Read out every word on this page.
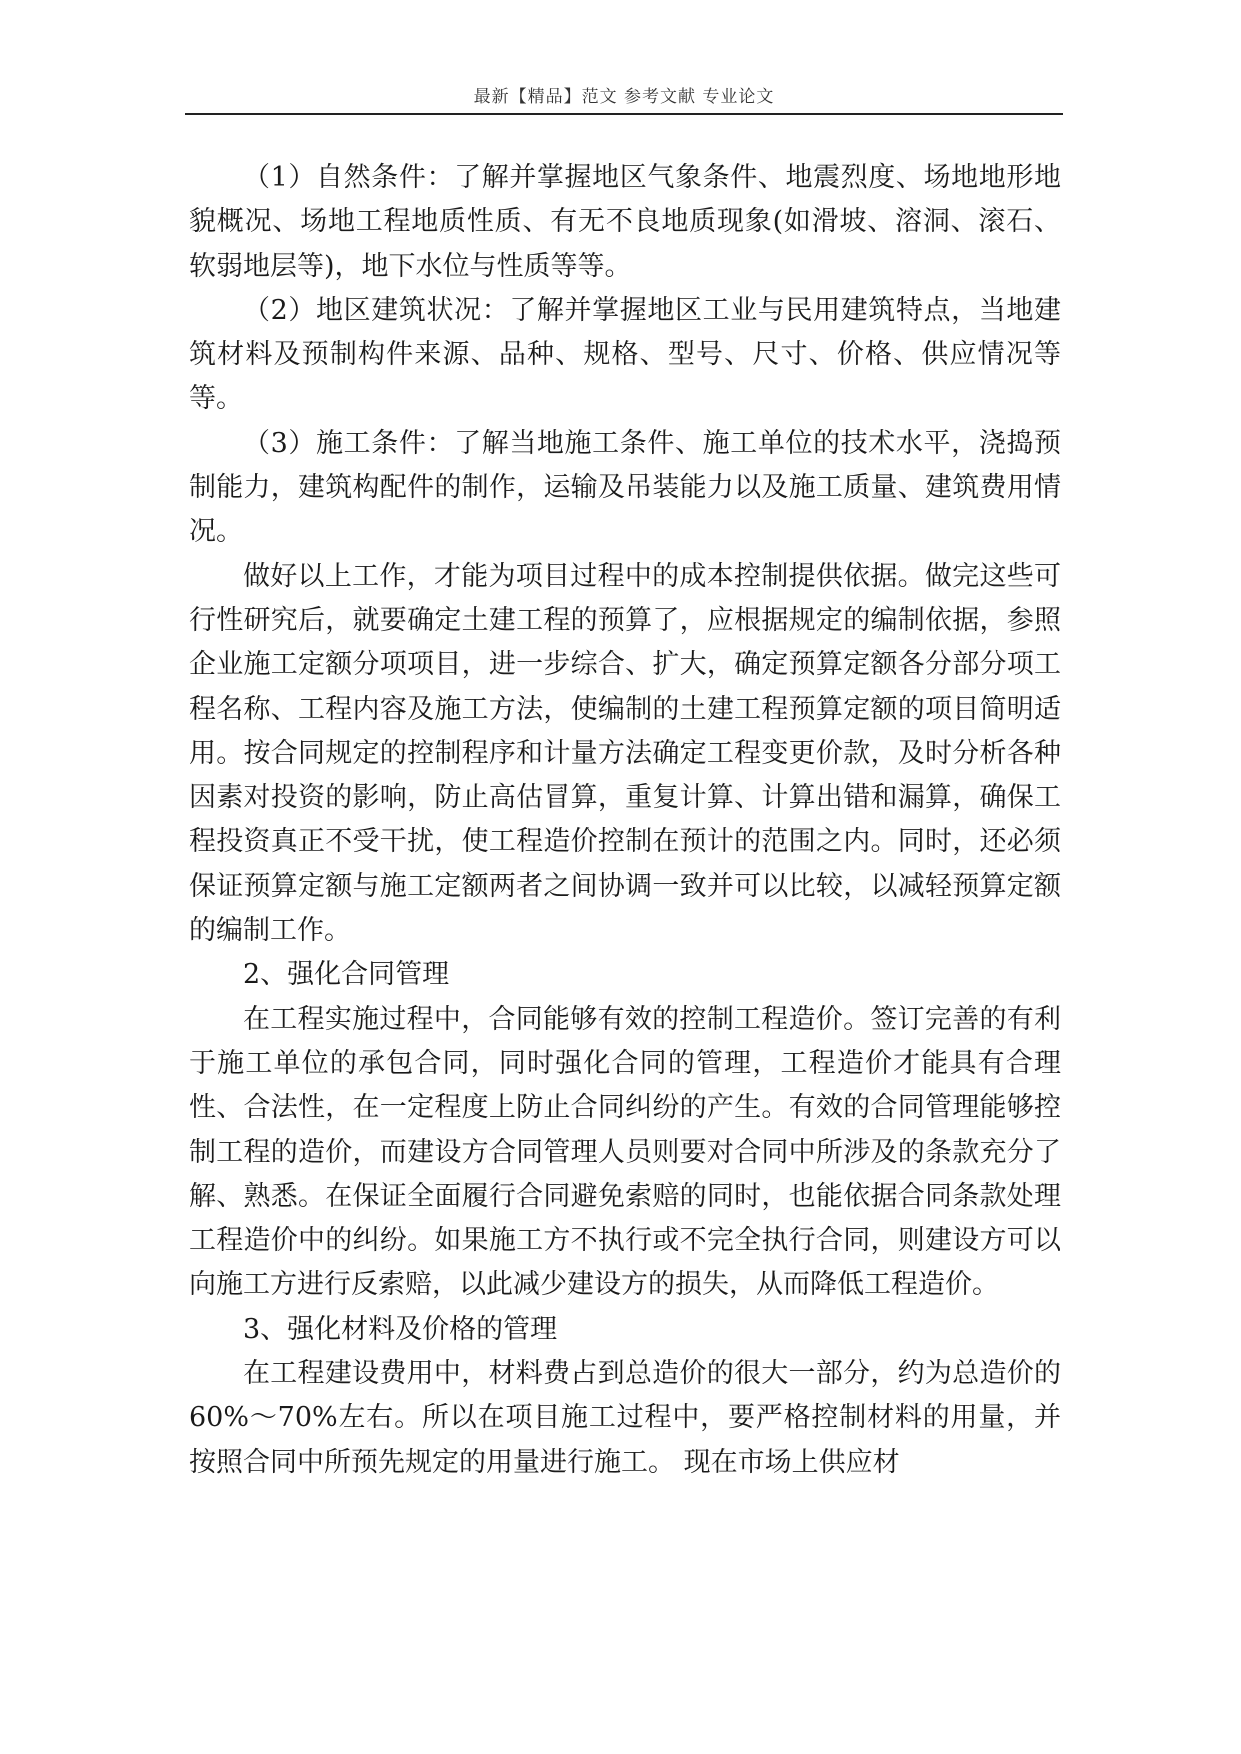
最新【精品】范文 参考文献 专业论文

（1）自然条件：了解并掌握地区气象条件、地震烈度、场地地形地貌概况、场地工程地质性质、有无不良地质现象(如滑坡、溶洞、滚石、软弱地层等)，地下水位与性质等等。

（2）地区建筑状况：了解并掌握地区工业与民用建筑特点，当地建筑材料及预制构件来源、品种、规格、型号、尺寸、价格、供应情况等等。

（3）施工条件：了解当地施工条件、施工单位的技术水平，浇捣预制能力，建筑构配件的制作，运输及吊装能力以及施工质量、建筑费用情况。

做好以上工作，才能为项目过程中的成本控制提供依据。做完这些可行性研究后，就要确定土建工程的预算了，应根据规定的编制依据，参照企业施工定额分项项目，进一步综合、扩大，确定预算定额各分部分项工程名称、工程内容及施工方法，使编制的土建工程预算定额的项目简明适用。按合同规定的控制程序和计量方法确定工程变更价款，及时分析各种因素对投资的影响，防止高估冒算，重复计算、计算出错和漏算，确保工程投资真正不受干扰，使工程造价控制在预计的范围之内。同时，还必须保证预算定额与施工定额两者之间协调一致并可以比较，以减轻预算定额的编制工作。

2、强化合同管理

在工程实施过程中，合同能够有效的控制工程造价。签订完善的有利于施工单位的承包合同，同时强化合同的管理，工程造价才能具有合理性、合法性，在一定程度上防止合同纠纷的产生。有效的合同管理能够控制工程的造价，而建设方合同管理人员则要对合同中所涉及的条款充分了解、熟悉。在保证全面履行合同避免索赔的同时，也能依据合同条款处理工程造价中的纠纷。如果施工方不执行或不完全执行合同，则建设方可以向施工方进行反索赔，以此减少建设方的损失，从而降低工程造价。

3、强化材料及价格的管理

在工程建设费用中，材料费占到总造价的很大一部分，约为总造价的 60%～70%左右。所以在项目施工过程中，要严格控制材料的用量，并按照合同中所预先规定的用量进行施工。 现在市场上供应材
